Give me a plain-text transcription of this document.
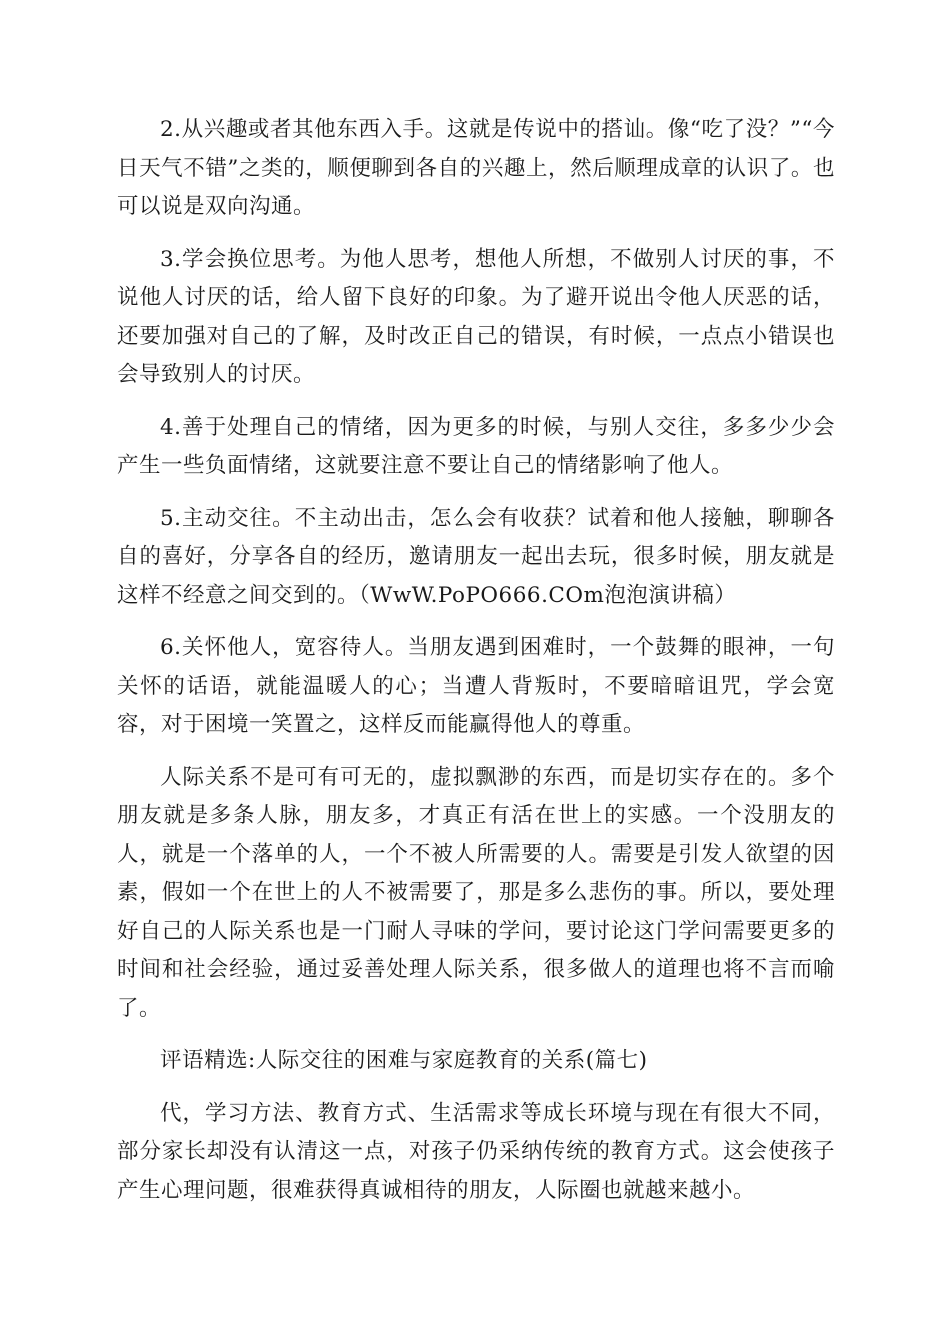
2.从兴趣或者其他东西入手。这就是传说中的搭讪。像“吃了没？”“今日天气不错”之类的，顺便聊到各自的兴趣上，然后顺理成章的认识了。也可以说是双向沟通。

3.学会换位思考。为他人思考，想他人所想，不做别人讨厌的事，不说他人讨厌的话，给人留下良好的印象。为了避开说出令他人厌恶的话，还要加强对自己的了解，及时改正自己的错误，有时候，一点点小错误也会导致别人的讨厌。

4.善于处理自己的情绪，因为更多的时候，与别人交往，多多少少会产生一些负面情绪，这就要注意不要让自己的情绪影响了他人。

5.主动交往。不主动出击，怎么会有收获？试着和他人接触，聊聊各自的喜好，分享各自的经历，邀请朋友一起出去玩，很多时候，朋友就是这样不经意之间交到的。（WwW.PoPO666.COm泡泡演讲稿）

6.关怀他人，宽容待人。当朋友遇到困难时，一个鼓舞的眼神，一句关怀的话语，就能温暖人的心；当遭人背叛时，不要暗暗诅咒，学会宽容，对于困境一笑置之，这样反而能赢得他人的尊重。

人际关系不是可有可无的，虚拟飘渺的东西，而是切实存在的。多个朋友就是多条人脉，朋友多，才真正有活在世上的实感。一个没朋友的人，就是一个落单的人，一个不被人所需要的人。需要是引发人欲望的因素，假如一个在世上的人不被需要了，那是多么悲伤的事。所以，要处理好自己的人际关系也是一门耐人寻味的学问，要讨论这门学问需要更多的时间和社会经验，通过妥善处理人际关系，很多做人的道理也将不言而喻了。

评语精选:人际交往的困难与家庭教育的关系(篇七)

代，学习方法、教育方式、生活需求等成长环境与现在有很大不同，部分家长却没有认清这一点，对孩子仍采纳传统的教育方式。这会使孩子产生心理问题，很难获得真诚相待的朋友，人际圈也就越来越小。
